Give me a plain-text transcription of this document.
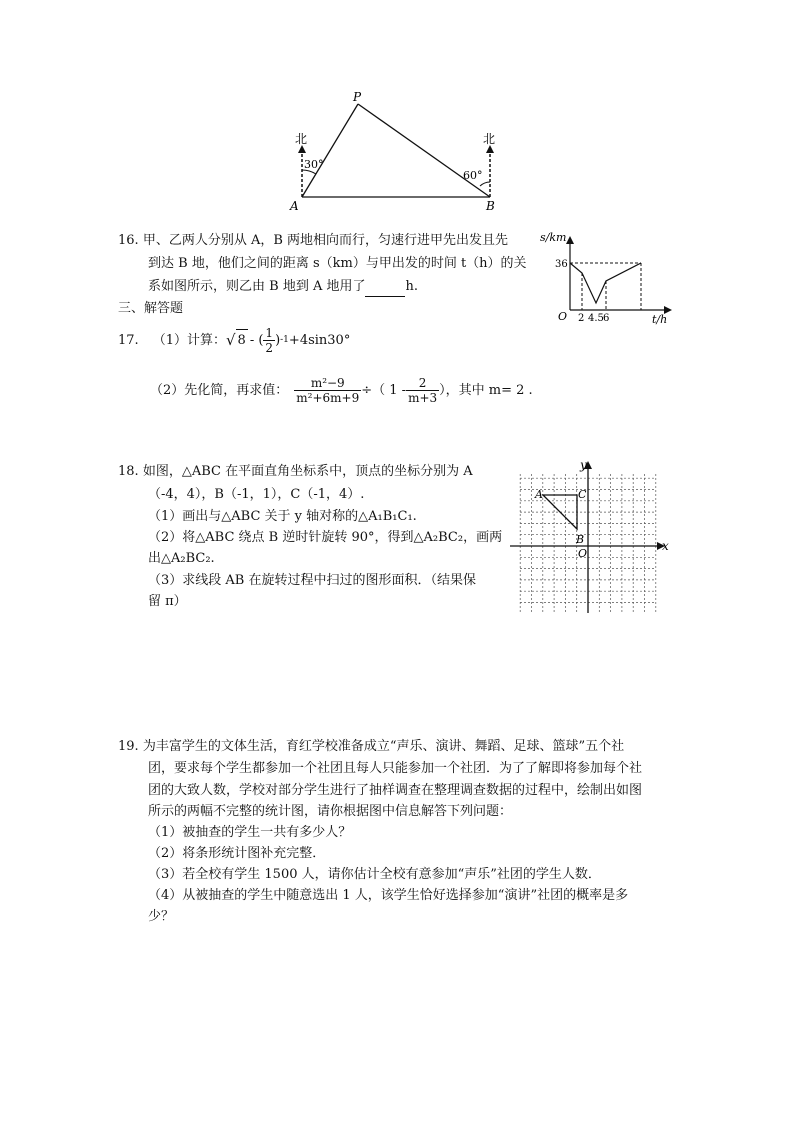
P
A	B
北	北
30°
60°
16. 甲、乙两人分别从 A，B 两地相向而行，匀速行进甲先出发且先
到达 B 地，他们之间的距离 s（km）与甲出发的时间 t（h）的关
系如图所示，则乙由 B 地到 A 地用了	h.
s/km
t/h
O
36
2 4.5 6
三、解答题
17. （1）计算： √ 8 - ( $\frac{1}{2}$ ) -1 +4sin30°
（2）先化简，再求值： $\frac{\text{m²−9}}{\text{m²+6m+9}}$ ÷（ $1 - \frac{2}{m+3}$ ），其中 m= 2 .
18. 如图，△ABC 在平面直角坐标系中，顶点的坐标分别为 A
（-4，4），B（-1，1），C（-1，4）.
（1）画出与△ABC 关于 y 轴对称的△A₁B₁C₁.
（2）将△ABC 绕点 B 逆时针旋转 90°，得到△A₂BC₂，画两
出△A₂BC₂.
（3）求线段 AB 在旋转过程中扫过的图形面积．（结果保
留 π）
x
y
O
A
B
C
19. 为丰富学生的文体生活，育红学校准备成立“声乐、演讲、舞蹈、足球、篮球”五个社
团，要求每个学生都参加一个社团且每人只能参加一个社团．为了了解即将参加每个社
团的大致人数，学校对部分学生进行了抽样调查在整理调查数据的过程中，绘制出如图
所示的两幅不完整的统计图，请你根据图中信息解答下列问题：
（1）被抽查的学生一共有多少人？
（2）将条形统计图补充完整．
（3）若全校有学生 1500 人，请你估计全校有意参加“声乐”社团的学生人数．
（4）从被抽查的学生中随意选出 1 人，该学生恰好选择参加“演讲”社团的概率是多
少？
